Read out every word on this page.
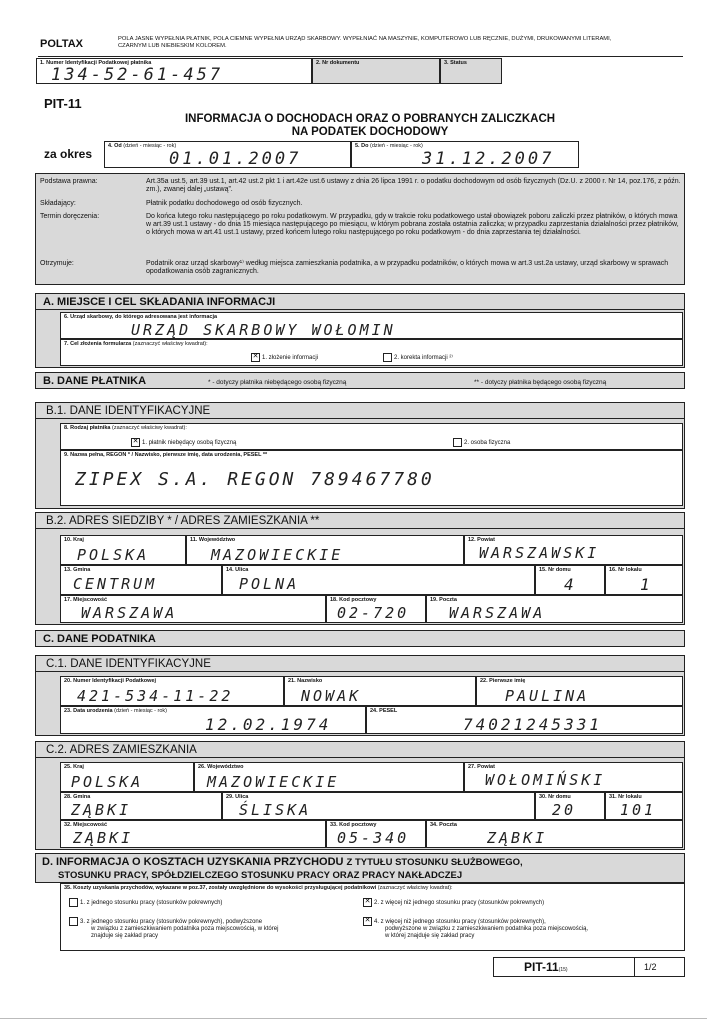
POLTAX	POLA JASNE WYPEŁNIA PŁATNIK, POLA CIEMNE WYPEŁNIA URZĄD SKARBOWY. WYPEŁNIAĆ NA MASZYNIE, KOMPUTEROWO LUB RĘCZNIE, DUŻYMI, DRUKOWANYMI LITERAMI, CZARNYM LUB NIEBIESKIM KOLOREM.
1. Numer Identyfikacji Podatkowej płatnika
134-52-61-457
2. Nr dokumentu	3. Status
PIT-11
INFORMACJA O DOCHODACH ORAZ O POBRANYCH ZALICZKACH
NA PODATEK DOCHODOWY
za okres
4. Od (dzień - miesiąc - rok)
01.01.2007
5. Do (dzień - miesiąc - rok)
31.12.2007
Podstawa prawna:	Art.35a ust.5, art.39 ust.1, art.42 ust.2 pkt 1 i art.42e ust.6 ustawy z dnia 26 lipca 1991 r. o podatku dochodowym od osób fizycznych (Dz.U. z 2000 r. Nr 14, poz.176, z późn. zm.), zwanej dalej „ustawą”.
Składający:	Płatnik podatku dochodowego od osób fizycznych.
Termin doręczenia:	Do końca lutego roku następującego po roku podatkowym. W przypadku, gdy w trakcie roku podatkowego ustał obowiązek poboru zaliczki przez płatników, o których mowa w art.39 ust.1 ustawy - do dnia 15 miesiąca następującego po miesiącu, w którym pobrana została ostatnia zaliczka; w przypadku zaprzestania działalności przez płatników, o których mowa w art.41 ust.1 ustawy, przed końcem lutego roku następującego po roku podatkowym - do dnia zaprzestania tej działalności.
Otrzymuje:	Podatnik oraz urząd skarbowy¹⁾ według miejsca zamieszkania podatnika, a w przypadku podatników, o których mowa w art.3 ust.2a ustawy, urząd skarbowy w sprawach opodatkowania osób zagranicznych.
A. MIEJSCE I CEL SKŁADANIA INFORMACJI
6. Urząd skarbowy, do którego adresowana jest informacja
URZĄD SKARBOWY WOŁOMIN
7. Cel złożenia formularza (zaznaczyć właściwy kwadrat):
✕ 1. złożenie informacji	2. korekta informacji ²⁾
B. DANE PŁATNIKA	* - dotyczy płatnika niebędącego osobą fizyczną	** - dotyczy płatnika będącego osobą fizyczną
B.1. DANE IDENTYFIKACYJNE
8. Rodzaj płatnika (zaznaczyć właściwy kwadrat):
✕ 1. płatnik niebędący osobą fizyczną	2. osoba fizyczna
9. Nazwa pełna, REGON * / Nazwisko, pierwsze imię, data urodzenia, PESEL **
ZIPEX S.A. REGON 789467780
B.2. ADRES SIEDZIBY * / ADRES ZAMIESZKANIA **
10. Kraj
POLSKA
11. Województwo
MAZOWIECKIE
12. Powiat
WARSZAWSKI
13. Gmina
CENTRUM
14. Ulica
POLNA
15. Nr domu
4
16. Nr lokalu
1
17. Miejscowość
WARSZAWA
18. Kod pocztowy
02-720
19. Poczta
WARSZAWA
C. DANE PODATNIKA
C.1. DANE IDENTYFIKACYJNE
20. Numer Identyfikacji Podatkowej
421-534-11-22
21. Nazwisko
NOWAK
22. Pierwsze imię
PAULINA
23. Data urodzenia (dzień - miesiąc - rok)
12.02.1974
24. PESEL
74021245331
C.2. ADRES ZAMIESZKANIA
25. Kraj
POLSKA
26. Województwo
MAZOWIECKIE
27. Powiat
WOŁOMIŃSKI
28. Gmina
ZĄBKI
29. Ulica
ŚLISKA
30. Nr domu
20
31. Nr lokalu
101
32. Miejscowość
ZĄBKI
33. Kod pocztowy
05-340
34. Poczta
ZĄBKI
D. INFORMACJA O KOSZTACH UZYSKANIA PRZYCHODU Z TYTUŁU STOSUNKU SŁUŻBOWEGO,
STOSUNKU PRACY, SPÓŁDZIELCZEGO STOSUNKU PRACY ORAZ PRACY NAKŁADCZEJ
35. Koszty uzyskania przychodów, wykazane w poz.37, zostały uwzględnione do wysokości przysługującej podatnikowi (zaznaczyć właściwy kwadrat):
1. z jednego stosunku pracy (stosunków pokrewnych)	✕ 2. z więcej niż jednego stosunku pracy (stosunków pokrewnych)
3. z jednego stosunku pracy (stosunków pokrewnych), podwyższone
w związku z zamieszkiwaniem podatnika poza miejscowością, w której
znajduje się zakład pracy
✕ 4. z więcej niż jednego stosunku pracy (stosunków pokrewnych),
podwyższone w związku z zamieszkiwaniem podatnika poza miejscowością,
w której znajduje się zakład pracy
PIT-11(15)	1/2
